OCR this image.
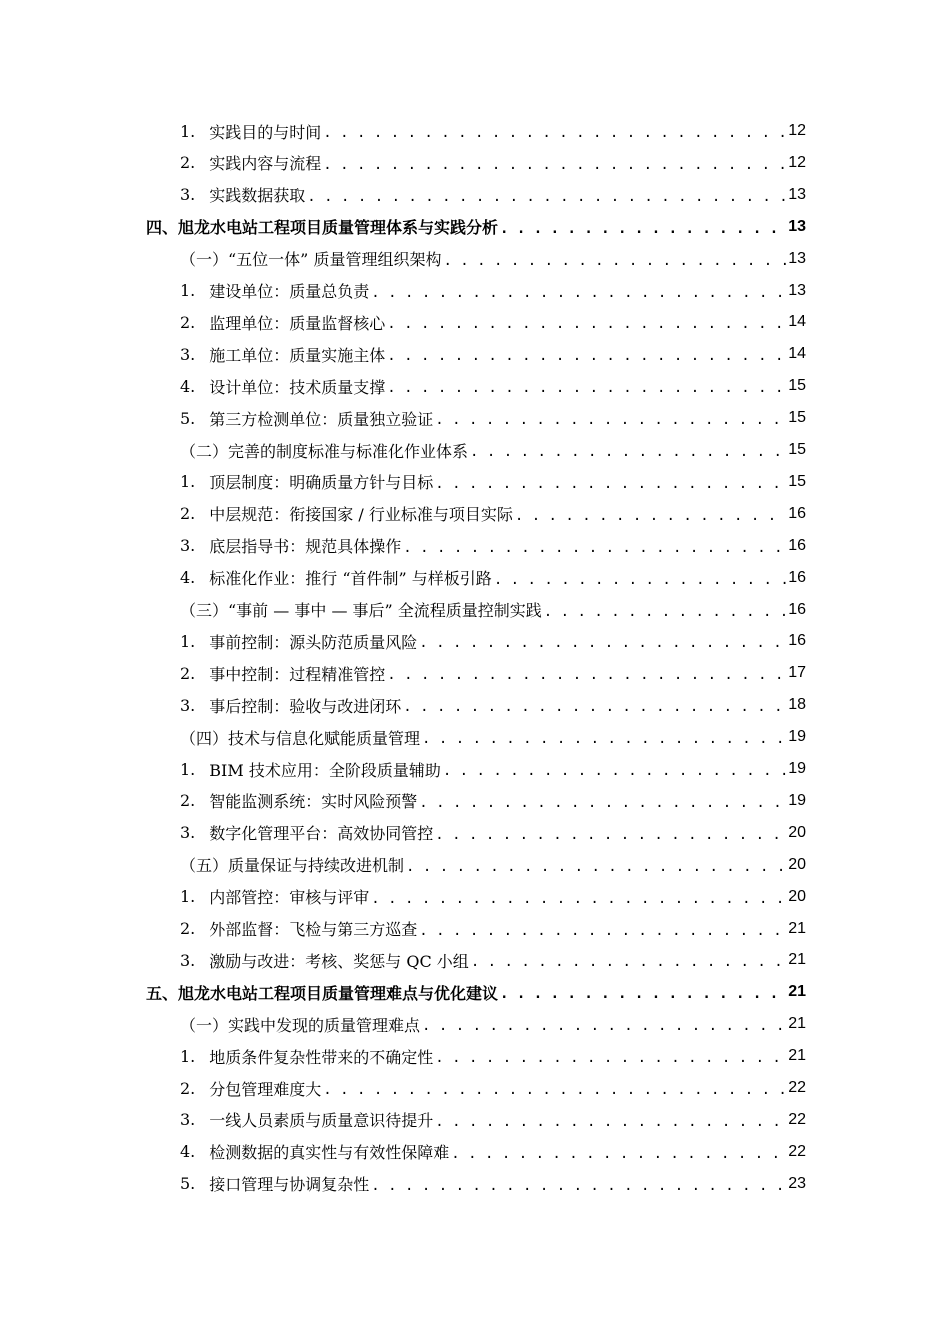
1. 实践目的与时间 . . .	12
2. 实践内容与流程 . . .	12
3. 实践数据获取 . . .	13
四、 旭龙水电站工程项目质量管理体系与实践分析 . . .	13
（一）“五位一体” 质量管理组织架构 . . .	13
1. 建设单位：质量总负责 . . .	13
2. 监理单位：质量监督核心 . . .	14
3. 施工单位：质量实施主体 . . .	14
4. 设计单位：技术质量支撑 . . .	15
5. 第三方检测单位：质量独立验证 . . .	15
（二）完善的制度标准与标准化作业体系 . . .	15
1. 顶层制度：明确质量方针与目标 . . .	15
2. 中层规范：衔接国家 / 行业标准与项目实际 . . .	16
3. 底层指导书：规范具体操作 . . .	16
4. 标准化作业：推行 “首件制” 与样板引路 . . .	16
（三）“事前 — 事中 — 事后” 全流程质量控制实践 . . .	16
1. 事前控制：源头防范质量风险 . . .	16
2. 事中控制：过程精准管控 . . .	17
3. 事后控制：验收与改进闭环 . . .	18
（四）技术与信息化赋能质量管理 . . .	19
1. BIM 技术应用：全阶段质量辅助 . . .	19
2. 智能监测系统：实时风险预警 . . .	19
3. 数字化管理平台：高效协同管控 . . .	20
（五）质量保证与持续改进机制 . . .	20
1. 内部管控：审核与评审 . . .	20
2. 外部监督：飞检与第三方巡查 . . .	21
3. 激励与改进：考核、奖惩与 QC 小组 . . .	21
五、 旭龙水电站工程项目质量管理难点与优化建议 . . .	21
（一）实践中发现的质量管理难点 . . .	21
1. 地质条件复杂性带来的不确定性 . . .	21
2. 分包管理难度大 . . .	22
3. 一线人员素质与质量意识待提升 . . .	22
4. 检测数据的真实性与有效性保障难 . . .	22
5. 接口管理与协调复杂性 . . .	23
